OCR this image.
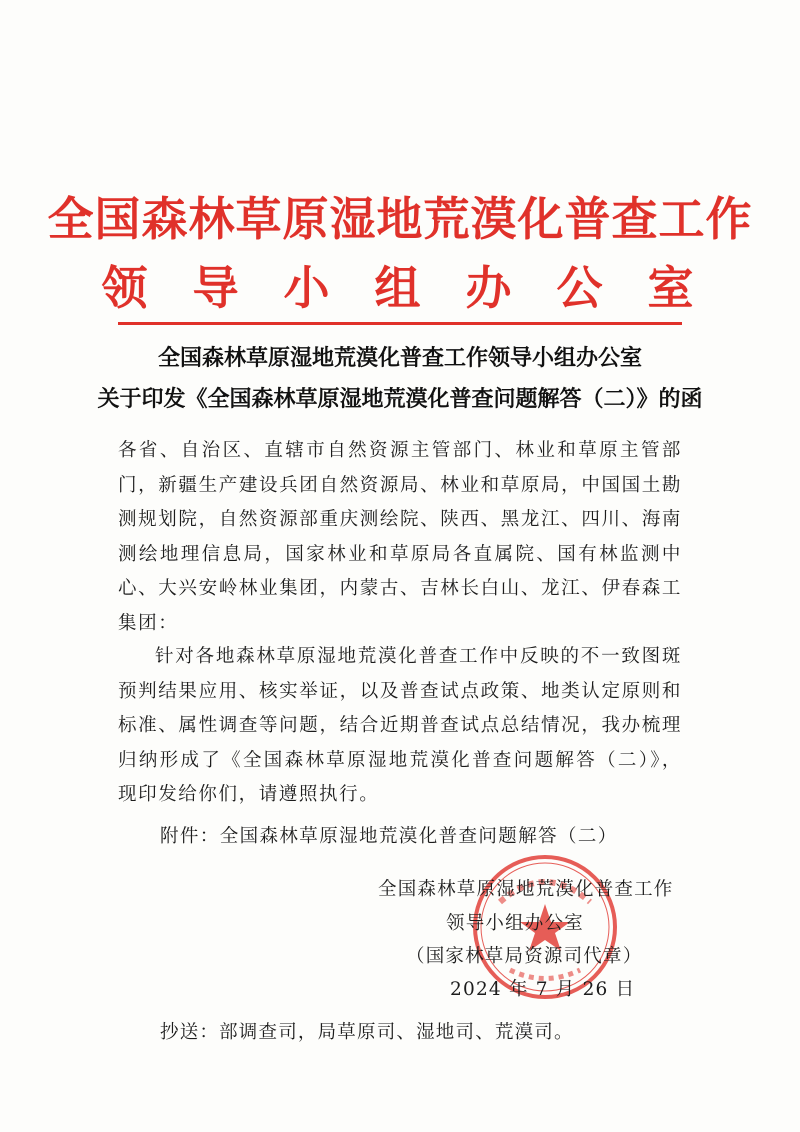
全国森林草原湿地荒漠化普查工作
领导小组办公室
全国森林草原湿地荒漠化普查工作领导小组办公室
关于印发《全国森林草原湿地荒漠化普查问题解答（二）》的函
各省、自治区、直辖市自然资源主管部门、林业和草原主管部门，新疆生产建设兵团自然资源局、林业和草原局，中国国土勘测规划院，自然资源部重庆测绘院、陕西、黑龙江、四川、海南测绘地理信息局，国家林业和草原局各直属院、国有林监测中心、大兴安岭林业集团，内蒙古、吉林长白山、龙江、伊春森工集团：
针对各地森林草原湿地荒漠化普查工作中反映的不一致图斑预判结果应用、核实举证，以及普查试点政策、地类认定原则和标准、属性调查等问题，结合近期普查试点总结情况，我办梳理归纳形成了《全国森林草原湿地荒漠化普查问题解答（二）》，现印发给你们，请遵照执行。
附件：全国森林草原湿地荒漠化普查问题解答（二）
全国森林草原湿地荒漠化普查工作
领导小组办公室
（国家林草局资源司代章）
2024 年 7 月 26 日
抄送：部调查司，局草原司、湿地司、荒漠司。
